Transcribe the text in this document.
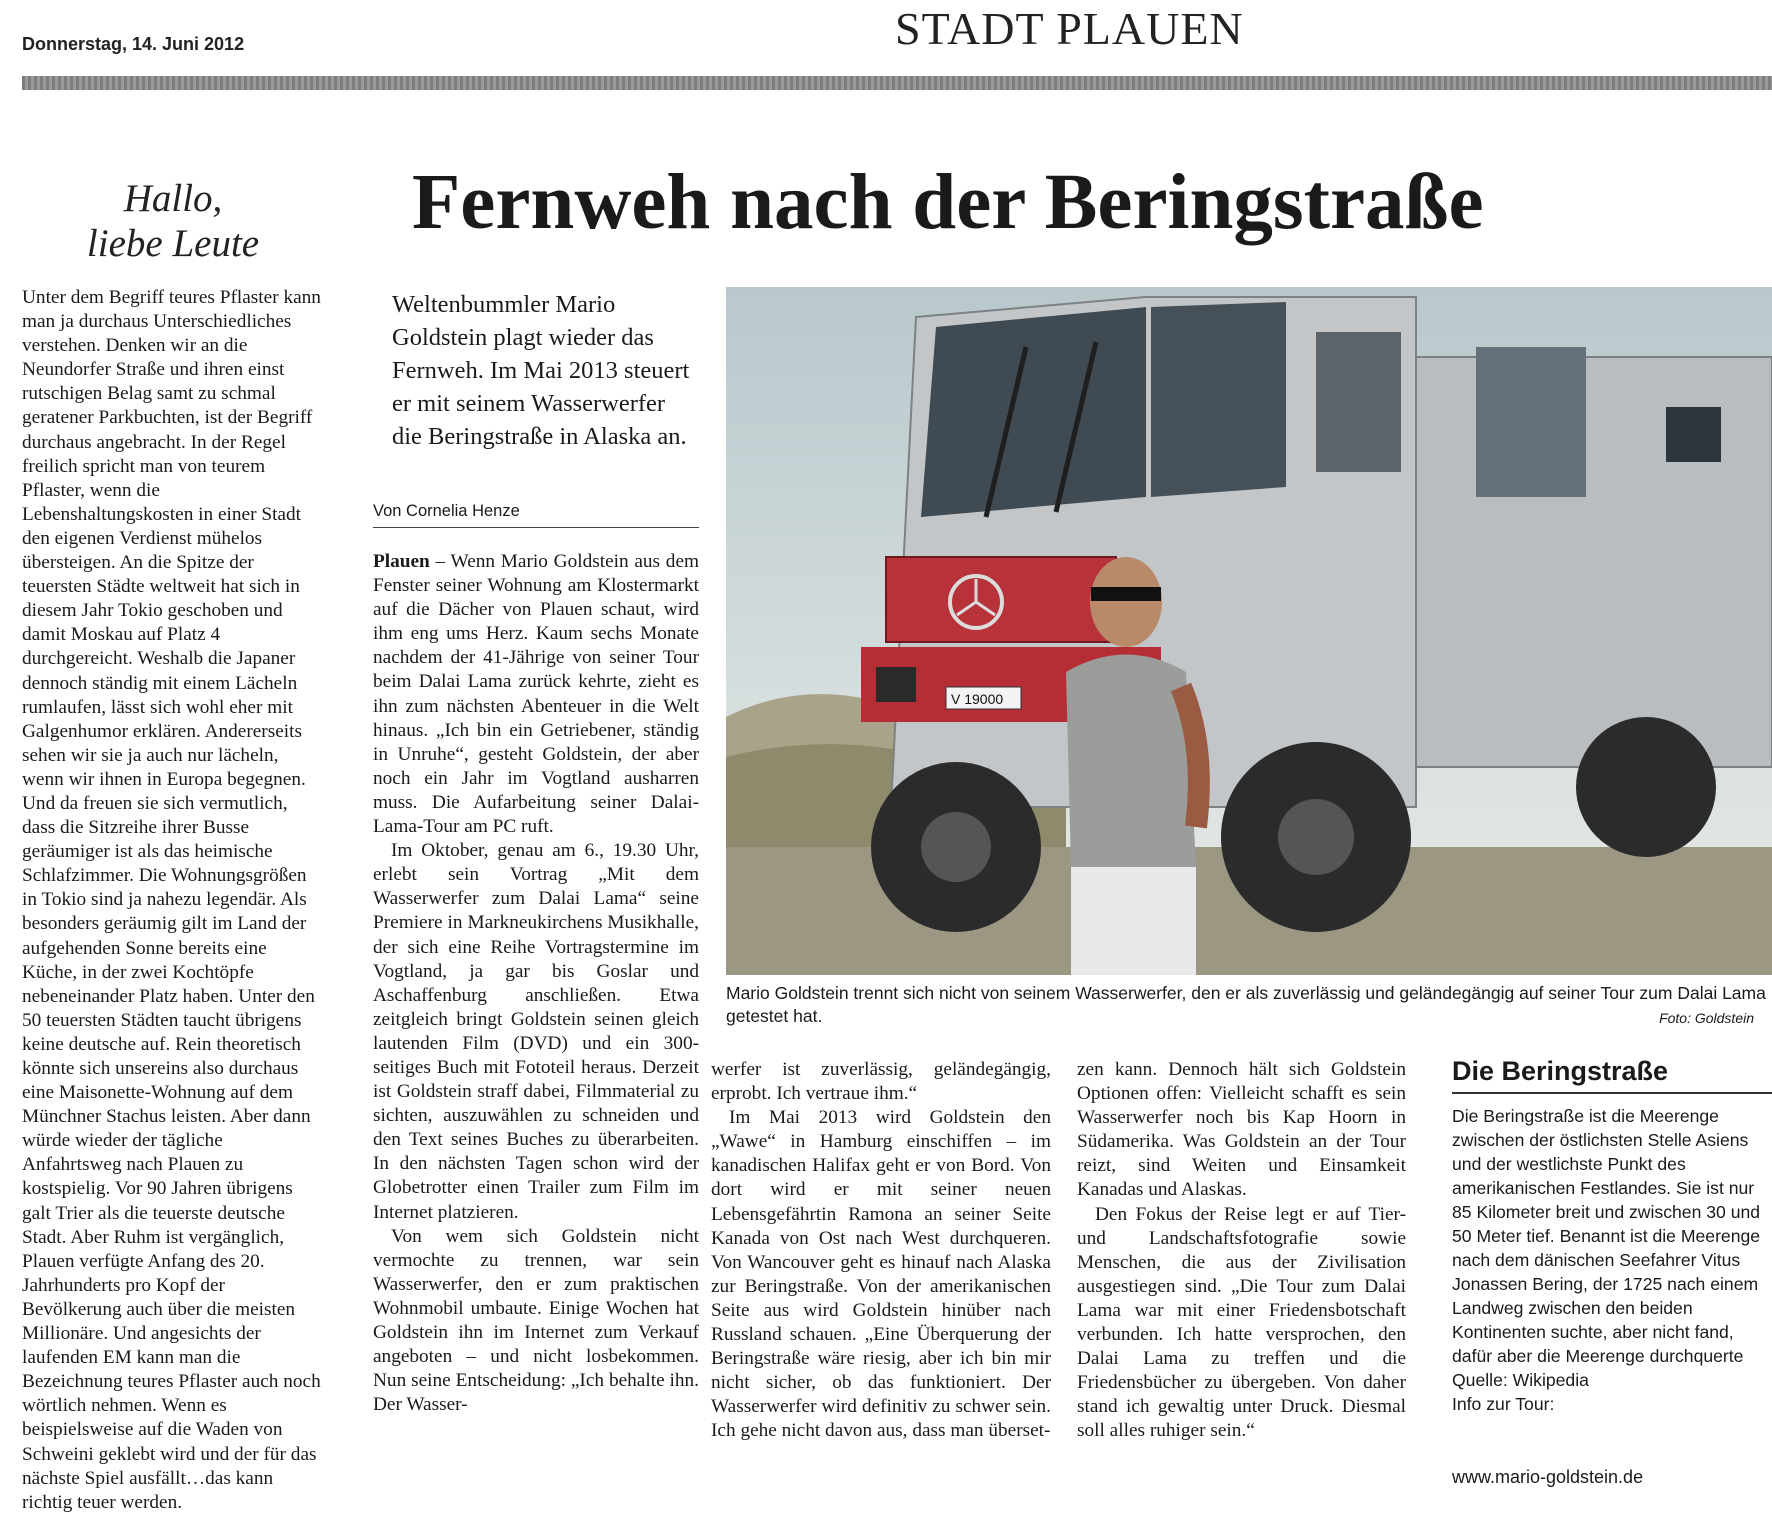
Donnerstag, 14. Juni 2012	STADT PLAUEN
Hallo,
liebe Leute

Unter dem Begriff teures Pflaster kann man ja durchaus Unterschiedliches verstehen. Denken wir an die Neundorfer Straße und ihren einst rutschigen Belag samt zu schmal geratener Parkbuchten, ist der Begriff durchaus angebracht. In der Regel freilich spricht man von teurem Pflaster, wenn die Lebenshaltungskosten in einer Stadt den eigenen Verdienst mühelos übersteigen. An die Spitze der teuersten Städte weltweit hat sich in diesem Jahr Tokio geschoben und damit Moskau auf Platz 4 durchgereicht. Weshalb die Japaner dennoch ständig mit einem Lächeln rumlaufen, lässt sich wohl eher mit Galgenhumor erklären. Andererseits sehen wir sie ja auch nur lächeln, wenn wir ihnen in Europa begegnen. Und da freuen sie sich vermutlich, dass die Sitzreihe ihrer Busse geräumiger ist als das heimische Schlafzimmer. Die Wohnungsgrößen in Tokio sind ja nahezu legendär. Als besonders geräumig gilt im Land der aufgehenden Sonne bereits eine Küche, in der zwei Kochtöpfe nebeneinander Platz haben. Unter den 50 teuersten Städten taucht übrigens keine deutsche auf. Rein theoretisch könnte sich unsereins also durchaus eine Maisonette-Wohnung auf dem Münchner Stachus leisten. Aber dann würde wieder der tägliche Anfahrtsweg nach Plauen zu kostspielig. Vor 90 Jahren übrigens galt Trier als die teuerste deutsche Stadt. Aber Ruhm ist vergänglich, Plauen verfügte Anfang des 20. Jahrhunderts pro Kopf der Bevölkerung auch über die meisten Millionäre. Und angesichts der laufenden EM kann man die Bezeichnung teures Pflaster auch noch wörtlich nehmen. Wenn es beispielsweise auf die Waden von Schweini geklebt wird und der für das nächste Spiel ausfällt…das kann richtig teuer werden.

Fernweh nach der Beringstraße
Weltenbummler Mario Goldstein plagt wieder das Fernweh. Im Mai 2013 steuert er mit seinem Wasserwerfer die Beringstraße in Alaska an.
Von Cornelia Henze

Plauen – Wenn Mario Goldstein aus dem Fenster seiner Wohnung am Klostermarkt auf die Dächer von Plauen schaut, wird ihm eng ums Herz. Kaum sechs Monate nachdem der 41-Jährige von seiner Tour beim Dalai Lama zurück kehrte, zieht es ihn zum nächsten Abenteuer in die Welt hinaus. „Ich bin ein Getriebener, ständig in Unruhe“, gesteht Goldstein, der aber noch ein Jahr im Vogtland ausharren muss. Die Aufarbeitung seiner Dalai-Lama-Tour am PC ruft.

Im Oktober, genau am 6., 19.30 Uhr, erlebt sein Vortrag „Mit dem Wasserwerfer zum Dalai Lama“ seine Premiere in Markneukirchens Musikhalle, der sich eine Reihe Vortragstermine im Vogtland, ja gar bis Goslar und Aschaffenburg anschließen. Etwa zeitgleich bringt Goldstein seinen gleich lautenden Film (DVD) und ein 300-seitiges Buch mit Fototeil heraus. Derzeit ist Goldstein straff dabei, Filmmaterial zu sichten, auszuwählen zu schneiden und den Text seines Buches zu überarbeiten. In den nächsten Tagen schon wird der Globetrotter einen Trailer zum Film im Internet platzieren.

Von wem sich Goldstein nicht vermochte zu trennen, war sein Wasserwerfer, den er zum praktischen Wohnmobil umbaute. Einige Wochen hat Goldstein ihn im Internet zum Verkauf angeboten – und nicht losbekommen. Nun seine Entscheidung: „Ich behalte ihn. Der Wasser-

werfer ist zuverlässig, geländegängig, erprobt. Ich vertraue ihm.“

Im Mai 2013 wird Goldstein den „Wawe“ in Hamburg einschiffen – im kanadischen Halifax geht er von Bord. Von dort wird er mit seiner neuen Lebensgefährtin Ramona an seiner Seite Kanada von Ost nach West durchqueren. Von Wancouver geht es hinauf nach Alaska zur Beringstraße. Von der amerikanischen Seite aus wird Goldstein hinüber nach Russland schauen. „Eine Überquerung der Beringstraße wäre riesig, aber ich bin mir nicht sicher, ob das funktioniert. Der Wasserwerfer wird definitiv zu schwer sein. Ich gehe nicht davon aus, dass man überset-

zen kann. Dennoch hält sich Goldstein Optionen offen: Vielleicht schafft es sein Wasserwerfer noch bis Kap Hoorn in Südamerika. Was Goldstein an der Tour reizt, sind Weiten und Einsamkeit Kanadas und Alaskas.

Den Fokus der Reise legt er auf Tier- und Landschaftsfotografie sowie Menschen, die aus der Zivilisation ausgestiegen sind. „Die Tour zum Dalai Lama war mit einer Friedensbotschaft verbunden. Ich hatte versprochen, den Dalai Lama zu treffen und die Friedensbücher zu übergeben. Von daher stand ich gewaltig unter Druck. Diesmal soll alles ruhiger sein.“

V 19000
Mario Goldstein trennt sich nicht von seinem Wasserwerfer, den er als zuverlässig und geländegängig auf seiner Tour zum Dalai Lama getestet hat.	Foto: Goldstein
Die Beringstraße
Die Beringstraße ist die Meerenge zwischen der östlichsten Stelle Asiens und der westlichste Punkt des amerikanischen Festlandes. Sie ist nur 85 Kilometer breit und zwischen 30 und 50 Meter tief. Benannt ist die Meerenge nach dem dänischen Seefahrer Vitus Jonassen Bering, der 1725 nach einem Landweg zwischen den beiden Kontinenten suchte, aber nicht fand, dafür aber die Meerenge durchquerte
Quelle: Wikipedia
Info zur Tour:
www.mario-goldstein.de
